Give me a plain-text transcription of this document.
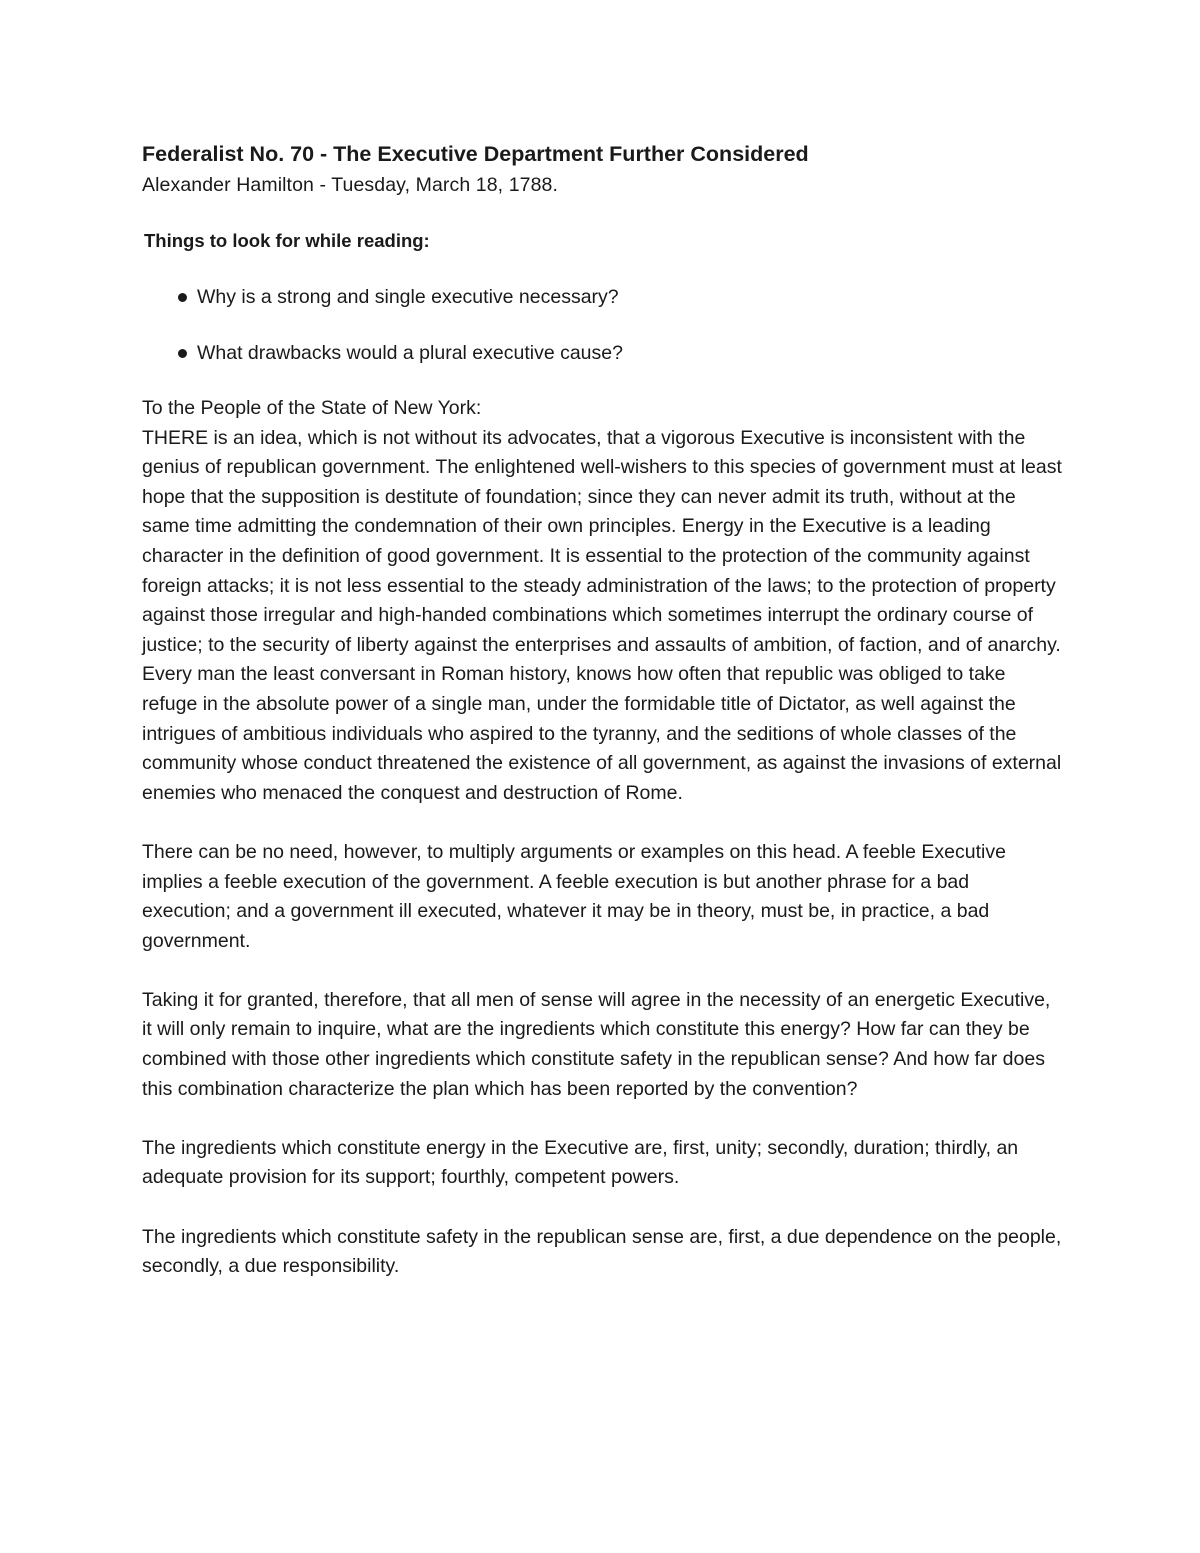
Federalist No. 70 - The Executive Department Further Considered

Alexander Hamilton - Tuesday, March 18, 1788.

Things to look for while reading:

Why is a strong and single executive necessary?
What drawbacks would a plural executive cause?

To the People of the State of New York:

THERE is an idea, which is not without its advocates, that a vigorous Executive is inconsistent with the genius of republican government. The enlightened well-wishers to this species of government must at least hope that the supposition is destitute of foundation; since they can never admit its truth, without at the same time admitting the condemnation of their own principles. Energy in the Executive is a leading character in the definition of good government. It is essential to the protection of the community against foreign attacks; it is not less essential to the steady administration of the laws; to the protection of property against those irregular and high-handed combinations which sometimes interrupt the ordinary course of justice; to the security of liberty against the enterprises and assaults of ambition, of faction, and of anarchy. Every man the least conversant in Roman history, knows how often that republic was obliged to take refuge in the absolute power of a single man, under the formidable title of Dictator, as well against the intrigues of ambitious individuals who aspired to the tyranny, and the seditions of whole classes of the community whose conduct threatened the existence of all government, as against the invasions of external enemies who menaced the conquest and destruction of Rome.

There can be no need, however, to multiply arguments or examples on this head. A feeble Executive implies a feeble execution of the government. A feeble execution is but another phrase for a bad execution; and a government ill executed, whatever it may be in theory, must be, in practice, a bad government.

Taking it for granted, therefore, that all men of sense will agree in the necessity of an energetic Executive, it will only remain to inquire, what are the ingredients which constitute this energy? How far can they be combined with those other ingredients which constitute safety in the republican sense? And how far does this combination characterize the plan which has been reported by the convention?

The ingredients which constitute energy in the Executive are, first, unity; secondly, duration; thirdly, an adequate provision for its support; fourthly, competent powers.

The ingredients which constitute safety in the republican sense are, first, a due dependence on the people, secondly, a due responsibility.
